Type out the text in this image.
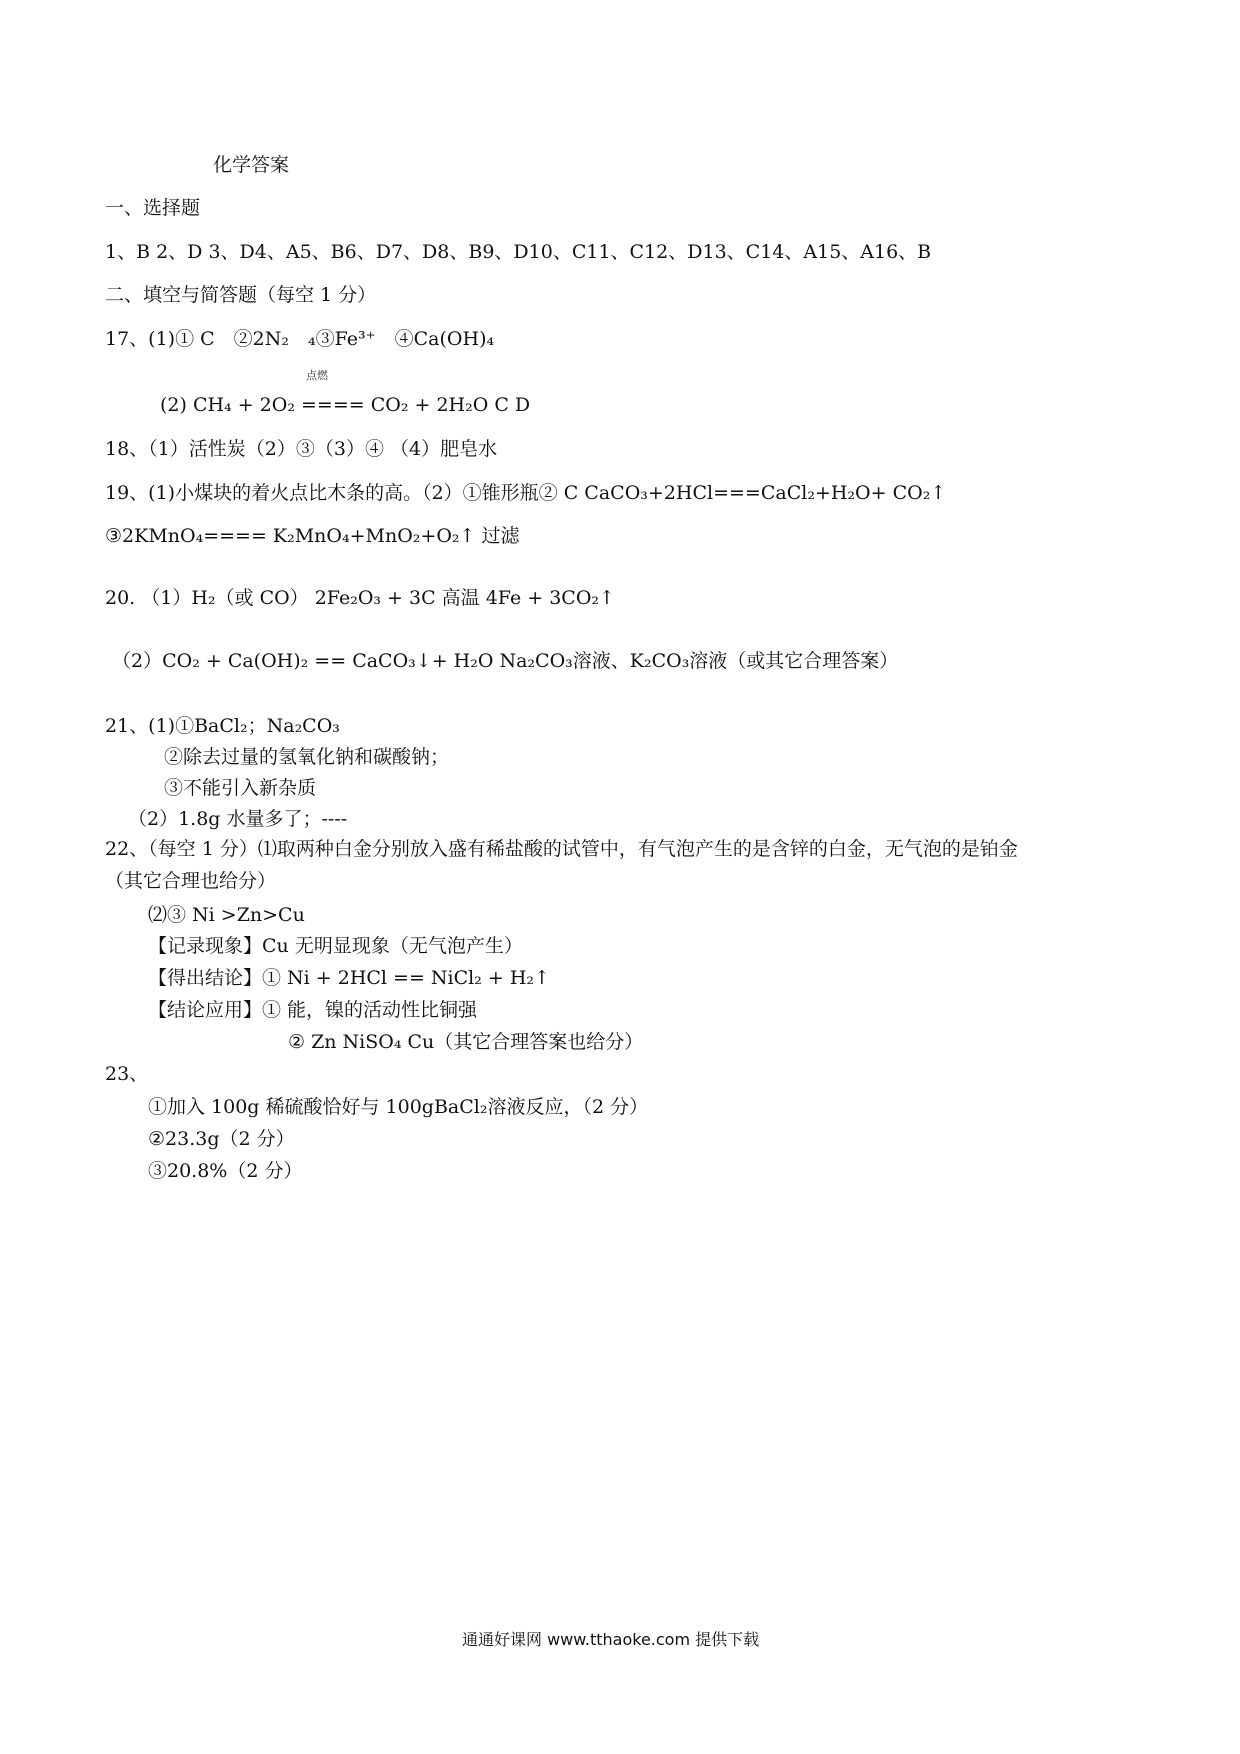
化学答案
一、选择题
1、B 2、D 3、D4、A5、B6、D7、D8、B9、D10、C11、C12、D13、C14、A15、A16、B
二、填空与简答题（每空 1 分）
17、(1)① C　②2N₂　₄③Fe³⁺　④Ca(OH)₄
点燃
(2) CH₄ + 2O₂ ==== CO₂ + 2H₂O C D
18、（1）活性炭（2）③（3）④ （4）肥皂水
19、(1)小煤块的着火点比木条的高。（2）①锥形瓶② C CaCO₃+2HCl===CaCl₂+H₂O+ CO₂↑
③2KMnO₄==== K₂MnO₄+MnO₂+O₂↑ 过滤
20. （1）H₂（或 CO） 2Fe₂O₃ + 3C 高温 4Fe + 3CO₂↑
（2）CO₂ + Ca(OH)₂ == CaCO₃↓+ H₂O Na₂CO₃溶液、K₂CO₃溶液（或其它合理答案）
21、(1)①BaCl₂；Na₂CO₃
②除去过量的氢氧化钠和碳酸钠；
③不能引入新杂质
（2）1.8g 水量多了；----
22、（每空 1 分）⑴取两种白金分别放入盛有稀盐酸的试管中，有气泡产生的是含锌的白金，无气泡的是铂金
（其它合理也给分）
⑵③ Ni >Zn>Cu
【记录现象】Cu 无明显现象（无气泡产生）
【得出结论】① Ni + 2HCl == NiCl₂ + H₂↑
【结论应用】① 能，镍的活动性比铜强
② Zn NiSO₄ Cu（其它合理答案也给分）
23、
①加入 100g 稀硫酸恰好与 100gBaCl₂溶液反应，（2 分）
②23.3g（2 分）
③20.8%（2 分）
通通好课网 www.tthaoke.com 提供下载
